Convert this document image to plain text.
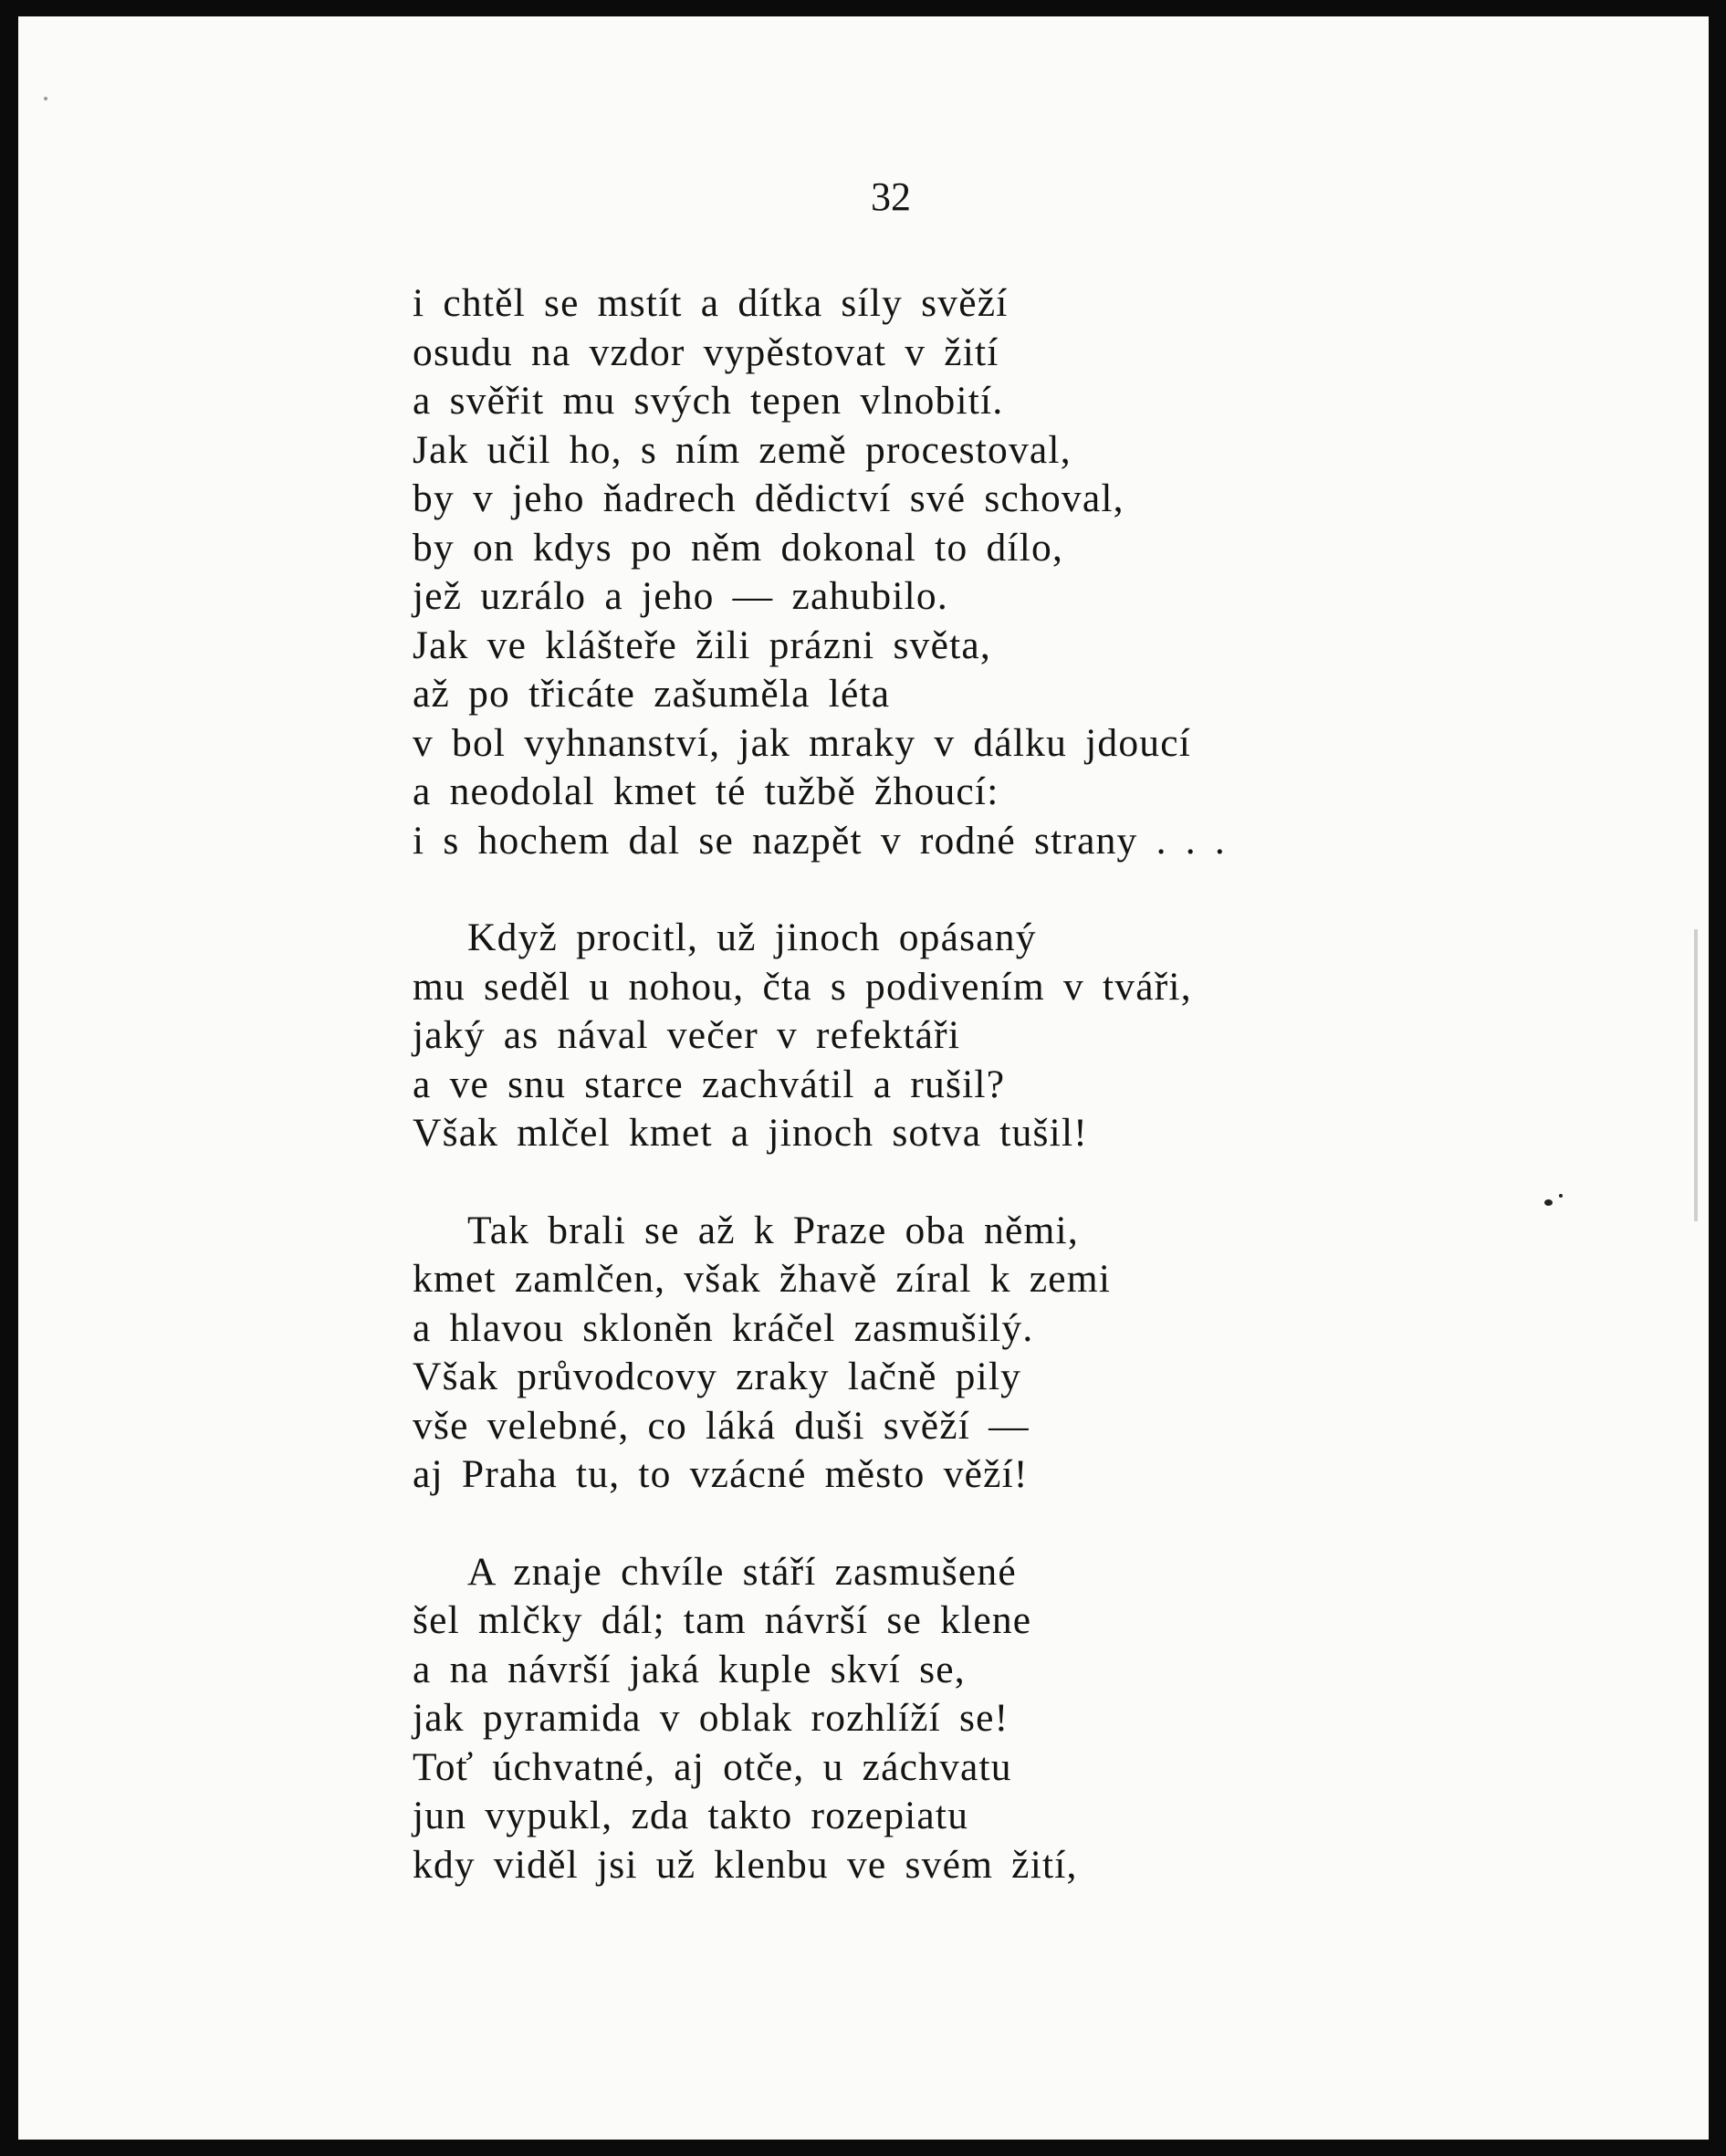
32
i chtěl se mstít a dítka síly svěží
osudu na vzdor vypěstovat v žití
a svěřit mu svých tepen vlnobití.
Jak učil ho, s ním země procestoval,
by v jeho ňadrech dědictví své schoval,
by on kdys po něm dokonal to dílo,
jež uzrálo a jeho — zahubilo.
Jak ve klášteře žili prázni světa,
až po třicáte zašuměla léta
v bol vyhnanství, jak mraky v dálku jdoucí
a neodolal kmet té tužbě žhoucí:
i s hochem dal se nazpět v rodné strany . . .
Když procitl, už jinoch opásaný
mu seděl u nohou, čta s podivením v tváři,
jaký as nával večer v refektáři
a ve snu starce zachvátil a rušil?
Však mlčel kmet a jinoch sotva tušil!
Tak brali se až k Praze oba němi,
kmet zamlčen, však žhavě zíral k zemi
a hlavou skloněn kráčel zasmušilý.
Však průvodcovy zraky lačně pily
vše velebné, co láká duši svěží —
aj Praha tu, to vzácné město věží!
A znaje chvíle stáří zasmušené
šel mlčky dál; tam návrší se klene
a na návrší jaká kuple skví se,
jak pyramida v oblak rozhlíží se!
Toť úchvatné, aj otče, u záchvatu
jun vypukl, zda takto rozepiatu
kdy viděl jsi už klenbu ve svém žití,
